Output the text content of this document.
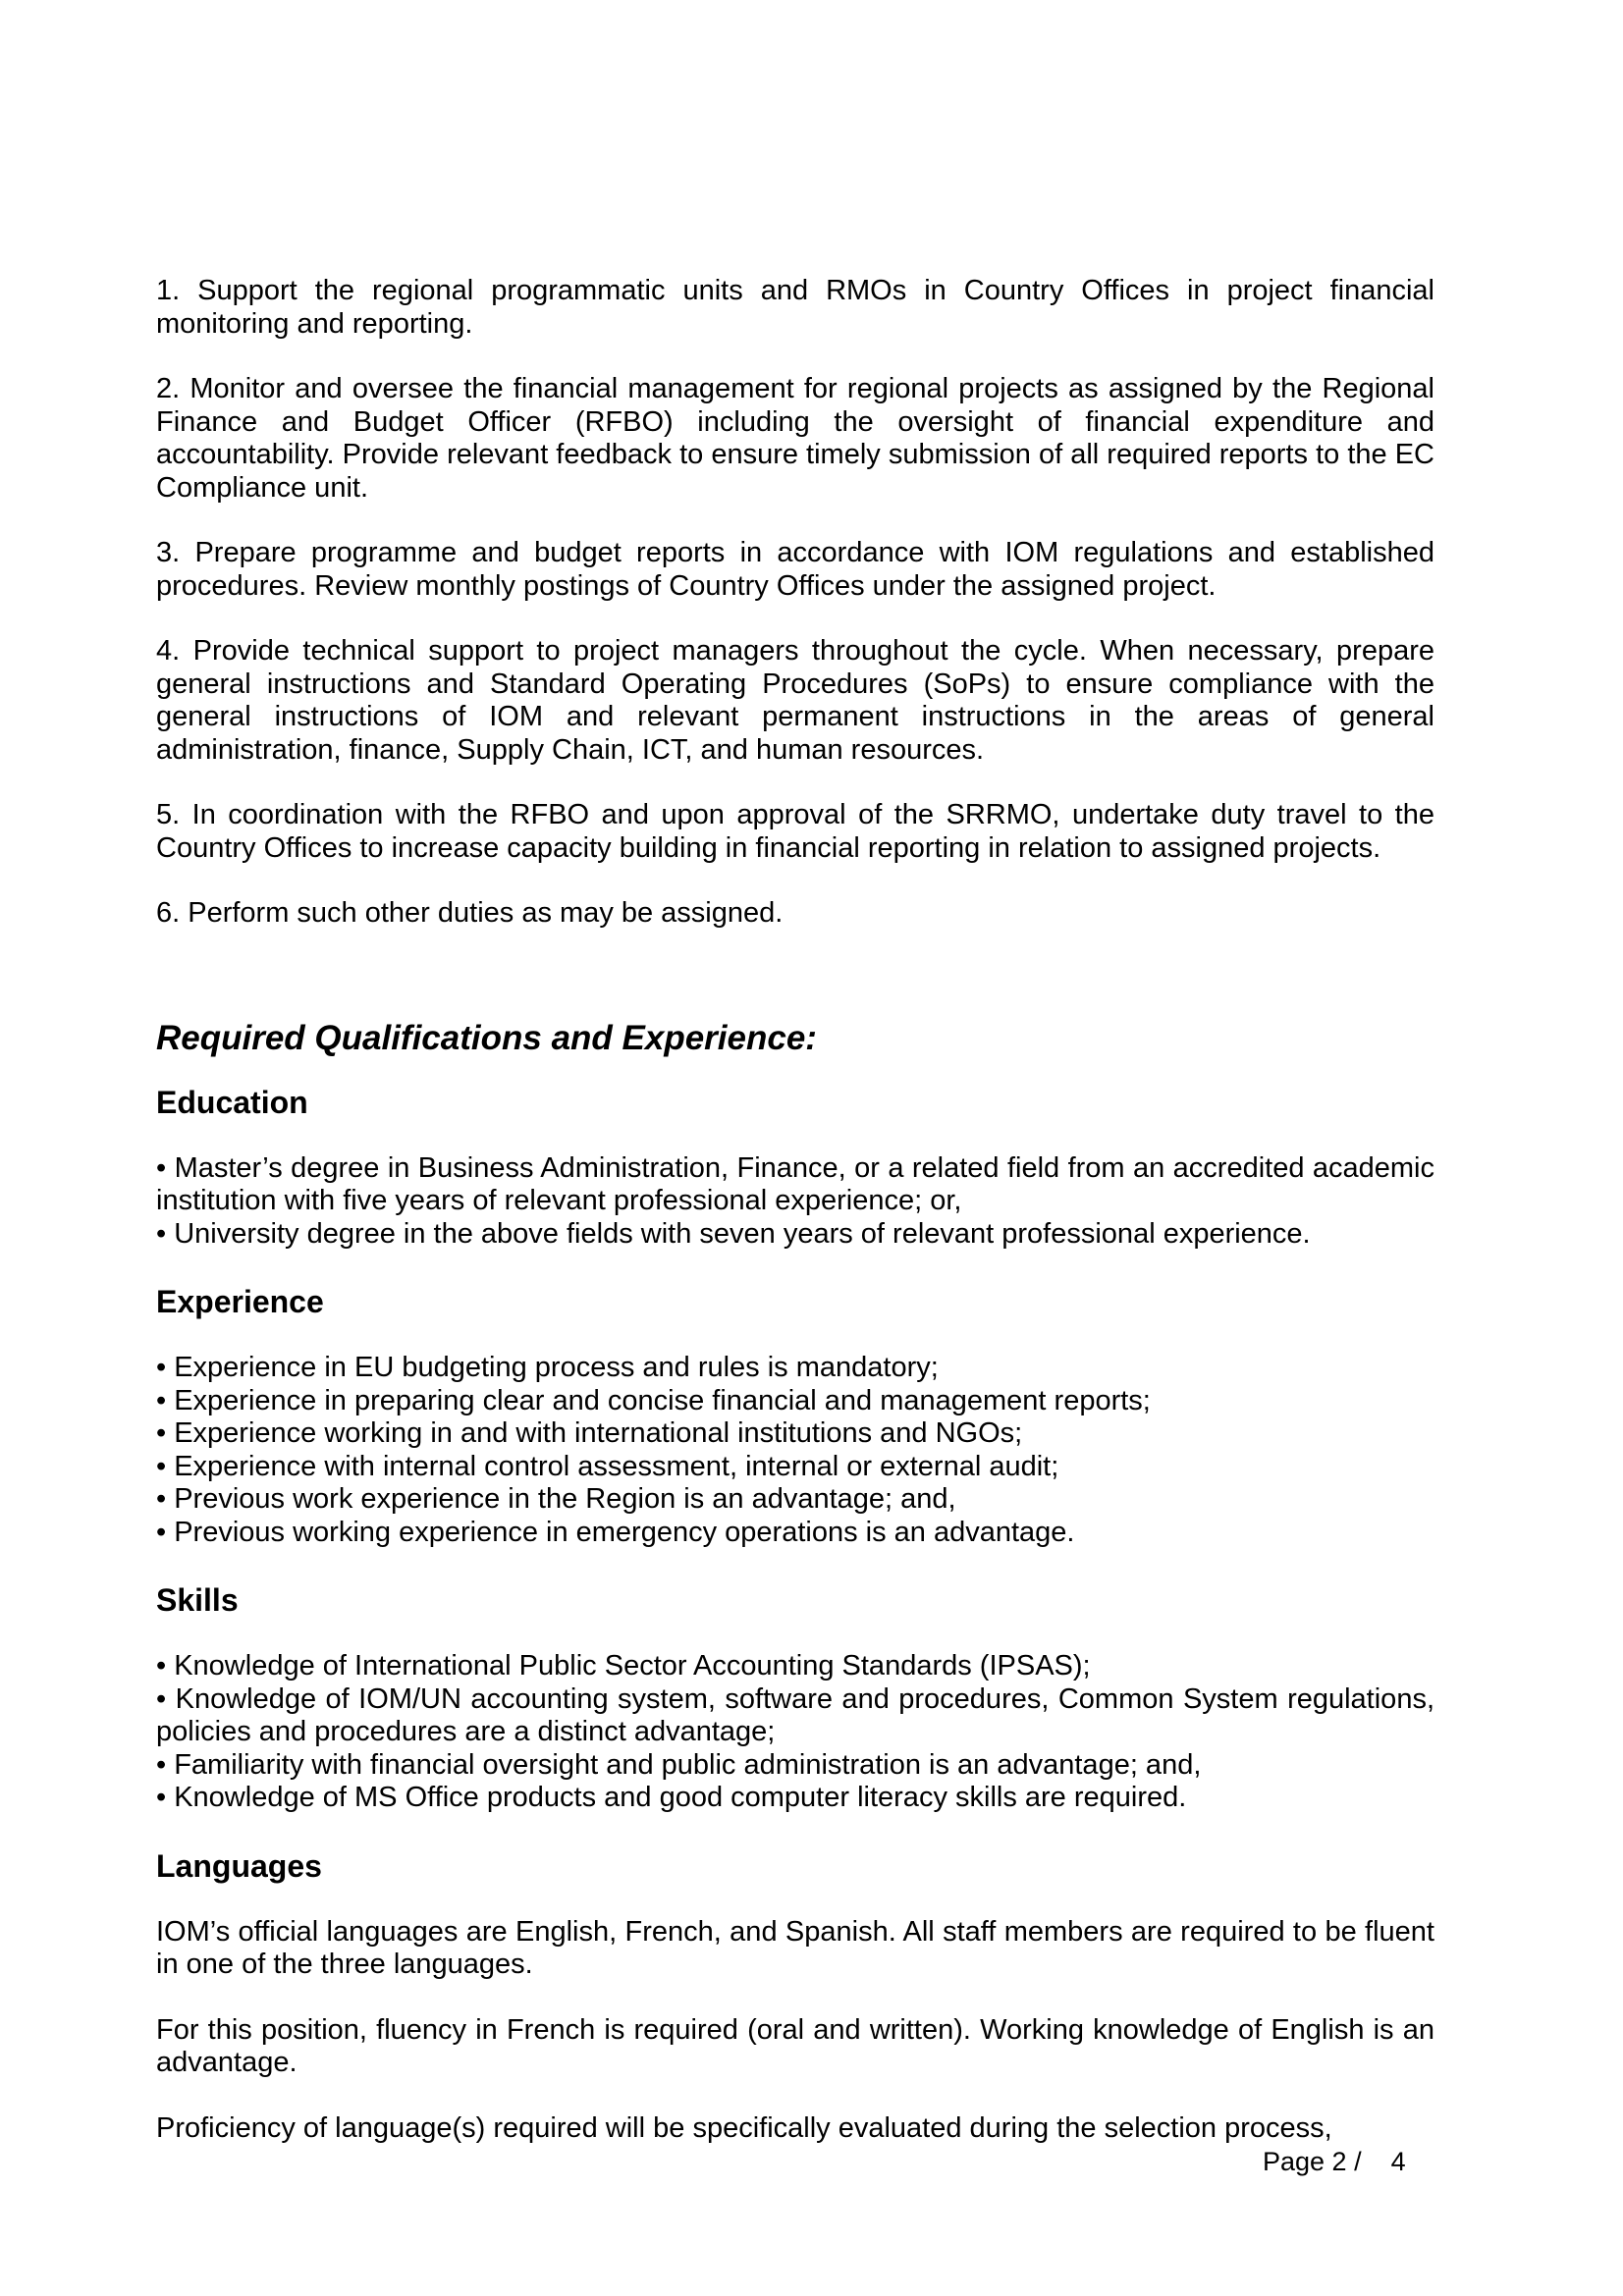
1. Support the regional programmatic units and RMOs in Country Offices in project financial monitoring and reporting.

2. Monitor and oversee the financial management for regional projects as assigned by the Regional Finance and Budget Officer (RFBO) including the oversight of financial expenditure and accountability. Provide relevant feedback to ensure timely submission of all required reports to the EC Compliance unit.

3. Prepare programme and budget reports in accordance with IOM regulations and established procedures. Review monthly postings of Country Offices under the assigned project.

4. Provide technical support to project managers throughout the cycle. When necessary, prepare general instructions and Standard Operating Procedures (SoPs) to ensure compliance with the general instructions of IOM and relevant permanent instructions in the areas of general administration, finance, Supply Chain, ICT, and human resources.

5. In coordination with the RFBO and upon approval of the SRRMO, undertake duty travel to the Country Offices to increase capacity building in financial reporting in relation to assigned projects.

6. Perform such other duties as may be assigned.

Required Qualifications and Experience:
Education
• Master’s degree in Business Administration, Finance, or a related field from an accredited academic institution with five years of relevant professional experience; or,
• University degree in the above fields with seven years of relevant professional experience.
Experience
• Experience in EU budgeting process and rules is mandatory;
• Experience in preparing clear and concise financial and management reports;
• Experience working in and with international institutions and NGOs;
• Experience with internal control assessment, internal or external audit;
• Previous work experience in the Region is an advantage; and,
• Previous working experience in emergency operations is an advantage.
Skills
• Knowledge of International Public Sector Accounting Standards (IPSAS);
• Knowledge of IOM/UN accounting system, software and procedures, Common System regulations, policies and procedures are a distinct advantage;
• Familiarity with financial oversight and public administration is an advantage; and,
• Knowledge of MS Office products and good computer literacy skills are required.
Languages

IOM’s official languages are English, French, and Spanish. All staff members are required to be fluent in one of the three languages.

For this position, fluency in French is required (oral and written). Working knowledge of English is an advantage.

Proficiency of language(s) required will be specifically evaluated during the selection process,

Page 2 /    4
